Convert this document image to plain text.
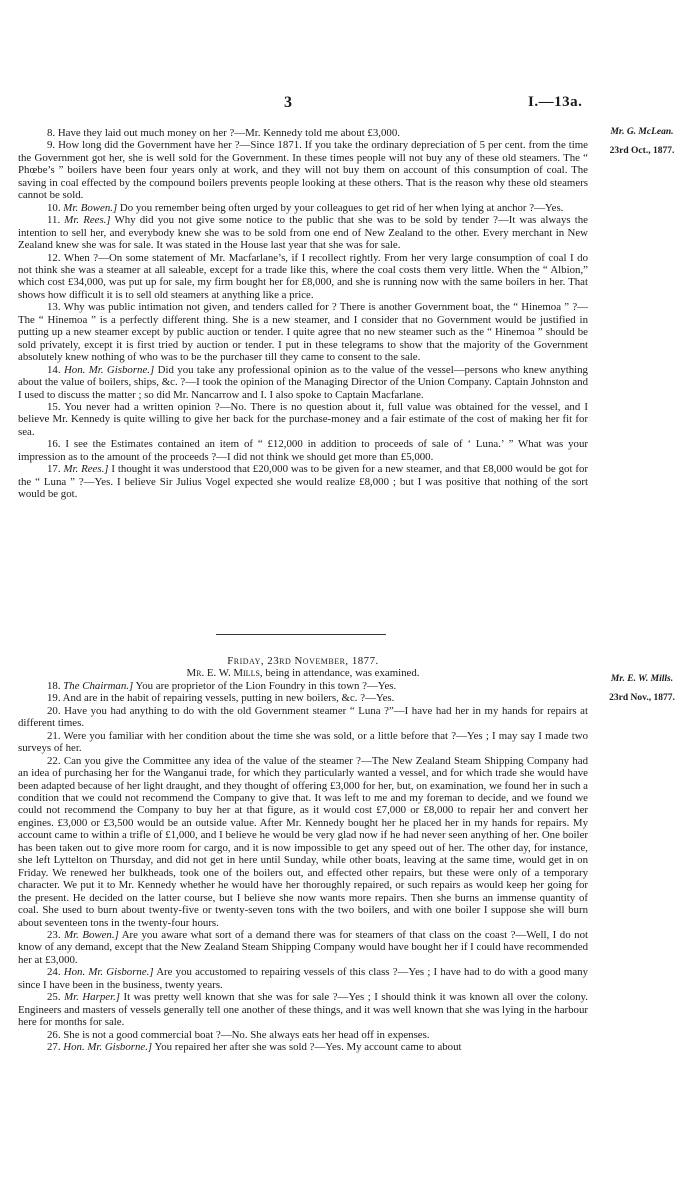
3	I.—13a.
Mr. G. McLean.
23rd Oct., 1877.

8. Have they laid out much money on her ?—Mr. Kennedy told me about £3,000.

9. How long did the Government have her ?—Since 1871. If you take the ordinary depreciation of 5 per cent. from the time the Government got her, she is well sold for the Government. In these times people will not buy any of these old steamers. The “ Phœbe’s ” boilers have been four years only at work, and they will not buy them on account of this consumption of coal. The saving in coal effected by the compound boilers prevents people looking at these others. That is the reason why these old steamers cannot be sold.

10. Mr. Bowen.] Do you remember being often urged by your colleagues to get rid of her when lying at anchor ?—Yes.

11. Mr. Rees.] Why did you not give some notice to the public that she was to be sold by tender ?—It was always the intention to sell her, and everybody knew she was to be sold from one end of New Zealand to the other. Every merchant in New Zealand knew she was for sale. It was stated in the House last year that she was for sale.

12. When ?—On some statement of Mr. Macfarlane’s, if I recollect rightly. From her very large consumption of coal I do not think she was a steamer at all saleable, except for a trade like this, where the coal costs them very little. When the “ Albion,” which cost £34,000, was put up for sale, my firm bought her for £8,000, and she is running now with the same boilers in her. That shows how difficult it is to sell old steamers at anything like a price.

13. Why was public intimation not given, and tenders called for ? There is another Government boat, the “ Hinemoa ” ?—The “ Hinemoa ” is a perfectly different thing. She is a new steamer, and I consider that no Government would be justified in putting up a new steamer except by public auction or tender. I quite agree that no new steamer such as the “ Hinemoa ” should be sold privately, except it is first tried by auction or tender. I put in these telegrams to show that the majority of the Government absolutely knew nothing of who was to be the purchaser till they came to consent to the sale.

14. Hon. Mr. Gisborne.] Did you take any professional opinion as to the value of the vessel—persons who knew anything about the value of boilers, ships, &c. ?—I took the opinion of the Managing Director of the Union Company. Captain Johnston and I used to discuss the matter ; so did Mr. Nancarrow and I. I also spoke to Captain Macfarlane.

15. You never had a written opinion ?—No. There is no question about it, full value was obtained for the vessel, and I believe Mr. Kennedy is quite willing to give her back for the purchase-money and a fair estimate of the cost of making her fit for sea.

16. I see the Estimates contained an item of “ £12,000 in addition to proceeds of sale of ‘ Luna.’ ” What was your impression as to the amount of the proceeds ?—I did not think we should get more than £5,000.

17. Mr. Rees.] I thought it was understood that £20,000 was to be given for a new steamer, and that £8,000 would be got for the “ Luna ” ?—Yes. I believe Sir Julius Vogel expected she would realize £8,000 ; but I was positive that nothing of the sort would be got.

Mr. E. W. Mills.
23rd Nov., 1877.

Friday, 23rd November, 1877.

Mr. E. W. Mills, being in attendance, was examined.

18. The Chairman.] You are proprietor of the Lion Foundry in this town ?—Yes.

19. And are in the habit of repairing vessels, putting in new boilers, &c. ?—Yes.

20. Have you had anything to do with the old Government steamer “ Luna ?”—I have had her in my hands for repairs at different times.

21. Were you familiar with her condition about the time she was sold, or a little before that ?—Yes ; I may say I made two surveys of her.

22. Can you give the Committee any idea of the value of the steamer ?—The New Zealand Steam Shipping Company had an idea of purchasing her for the Wanganui trade, for which they particularly wanted a vessel, and for which trade she would have been adapted because of her light draught, and they thought of offering £3,000 for her, but, on examination, we found her in such a condition that we could not recommend the Company to give that. It was left to me and my foreman to decide, and we found we could not recommend the Company to buy her at that figure, as it would cost £7,000 or £8,000 to repair her and convert her engines. £3,000 or £3,500 would be an outside value. After Mr. Kennedy bought her he placed her in my hands for repairs. My account came to within a trifle of £1,000, and I believe he would be very glad now if he had never seen anything of her. One boiler has been taken out to give more room for cargo, and it is now impossible to get any speed out of her. The other day, for instance, she left Lyttelton on Thursday, and did not get in here until Sunday, while other boats, leaving at the same time, would get in on Friday. We renewed her bulkheads, took one of the boilers out, and effected other repairs, but these were only of a temporary character. We put it to Mr. Kennedy whether he would have her thoroughly repaired, or such repairs as would keep her going for the present. He decided on the latter course, but I believe she now wants more repairs. Then she burns an immense quantity of coal. She used to burn about twenty-five or twenty-seven tons with the two boilers, and with one boiler I suppose she will burn about seventeen tons in the twenty-four hours.

23. Mr. Bowen.] Are you aware what sort of a demand there was for steamers of that class on the coast ?—Well, I do not know of any demand, except that the New Zealand Steam Shipping Company would have bought her if I could have recommended her at £3,000.

24. Hon. Mr. Gisborne.] Are you accustomed to repairing vessels of this class ?—Yes ; I have had to do with a good many since I have been in the business, twenty years.

25. Mr. Harper.] It was pretty well known that she was for sale ?—Yes ; I should think it was known all over the colony. Engineers and masters of vessels generally tell one another of these things, and it was well known that she was lying in the harbour here for months for sale.

26. She is not a good commercial boat ?—No. She always eats her head off in expenses.

27. Hon. Mr. Gisborne.] You repaired her after she was sold ?—Yes. My account came to about
